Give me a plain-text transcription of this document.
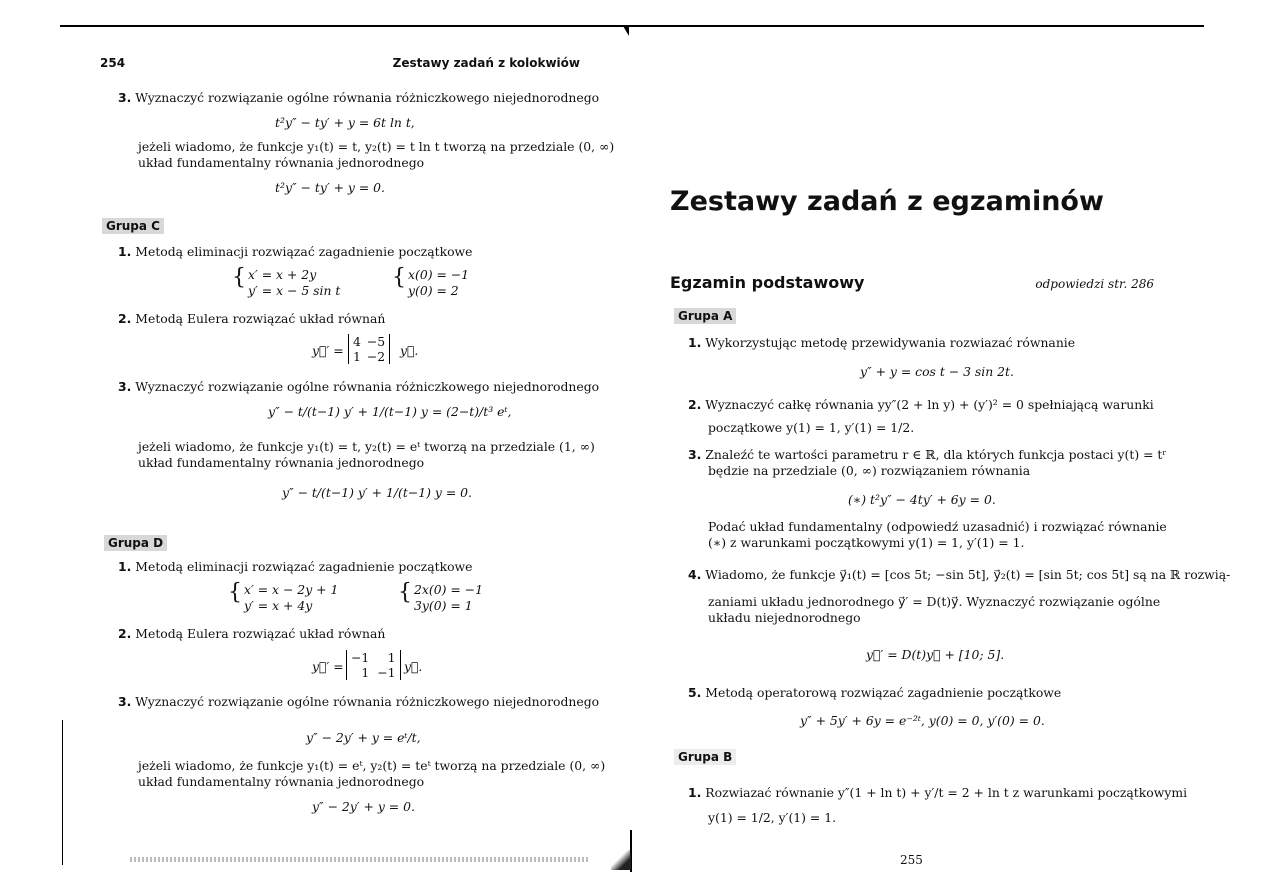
254	Zestawy zadań z kolokwiów
3. Wyznaczyć rozwiązanie ogólne równania różniczkowego niejednorodnego
t²y″ − ty′ + y = 6t ln t,
jeżeli wiadomo, że funkcje y₁(t) = t, y₂(t) = t ln t tworzą na przedziale (0, ∞)
układ fundamentalny równania jednorodnego
t²y″ − ty′ + y = 0.
Grupa C
1. Metodą eliminacji rozwiązać zagadnienie początkowe
{ x′ = x + 2y
y′ = x − 5 sin t
{ x(0) = −1
y(0) = 2
2. Metodą Eulera rozwiązać układ równań
y⃗′ =
4 −5
1 −2 y⃗.
3. Wyznaczyć rozwiązanie ogólne równania różniczkowego niejednorodnego
y″ − t/(t−1) y′ + 1/(t−1) y = (2−t)/t³ eᵗ,
jeżeli wiadomo, że funkcje y₁(t) = t, y₂(t) = eᵗ tworzą na przedziale (1, ∞)
układ fundamentalny równania jednorodnego
y″ − t/(t−1) y′ + 1/(t−1) y = 0.
Grupa D
1. Metodą eliminacji rozwiązać zagadnienie początkowe
{ x′ = x − 2y + 1
y′ = x + 4y
{ 2x(0) = −1
3y(0) = 1
2. Metodą Eulera rozwiązać układ równań
y⃗′ =
−1	1
1 −1 y⃗.
3. Wyznaczyć rozwiązanie ogólne równania różniczkowego niejednorodnego
y″ − 2y′ + y = eᵗ/t,
jeżeli wiadomo, że funkcje y₁(t) = eᵗ, y₂(t) = teᵗ tworzą na przedziale (0, ∞)
układ fundamentalny równania jednorodnego
y″ − 2y′ + y = 0.
Zestawy zadań z egzaminów
Egzamin podstawowy	odpowiedzi str. 286
Grupa A
1. Wykorzystując metodę przewidywania rozwiazać równanie
y″ + y = cos t − 3 sin 2t.
2. Wyznaczyć całkę równania yy″(2 + ln y) + (y′)² = 0 spełniającą warunki
początkowe y(1) = 1, y′(1) = 1/2.
3. Znaleźć te wartości parametru r ∈ ℝ, dla których funkcja postaci y(t) = tʳ
będzie na przedziale (0, ∞) rozwiązaniem równania
(∗) t²y″ − 4ty′ + 6y = 0.
Podać układ fundamentalny (odpowiedź uzasadnić) i rozwiązać równanie
(∗) z warunkami początkowymi y(1) = 1, y′(1) = 1.
4. Wiadomo, że funkcje y⃗₁(t) = [cos 5t; −sin 5t], y⃗₂(t) = [sin 5t; cos 5t] są na ℝ rozwią-
zaniami układu jednorodnego y⃗′ = D(t)y⃗. Wyznaczyć rozwiązanie ogólne
układu niejednorodnego
y⃗′ = D(t)y⃗ + [10; 5].
5. Metodą operatorową rozwiązać zagadnienie początkowe
y″ + 5y′ + 6y = e⁻²ᵗ, y(0) = 0, y′(0) = 0.
Grupa B
1. Rozwiazać równanie y″(1 + ln t) + y′/t = 2 + ln t z warunkami początkowymi
y(1) = 1/2, y′(1) = 1.
255
